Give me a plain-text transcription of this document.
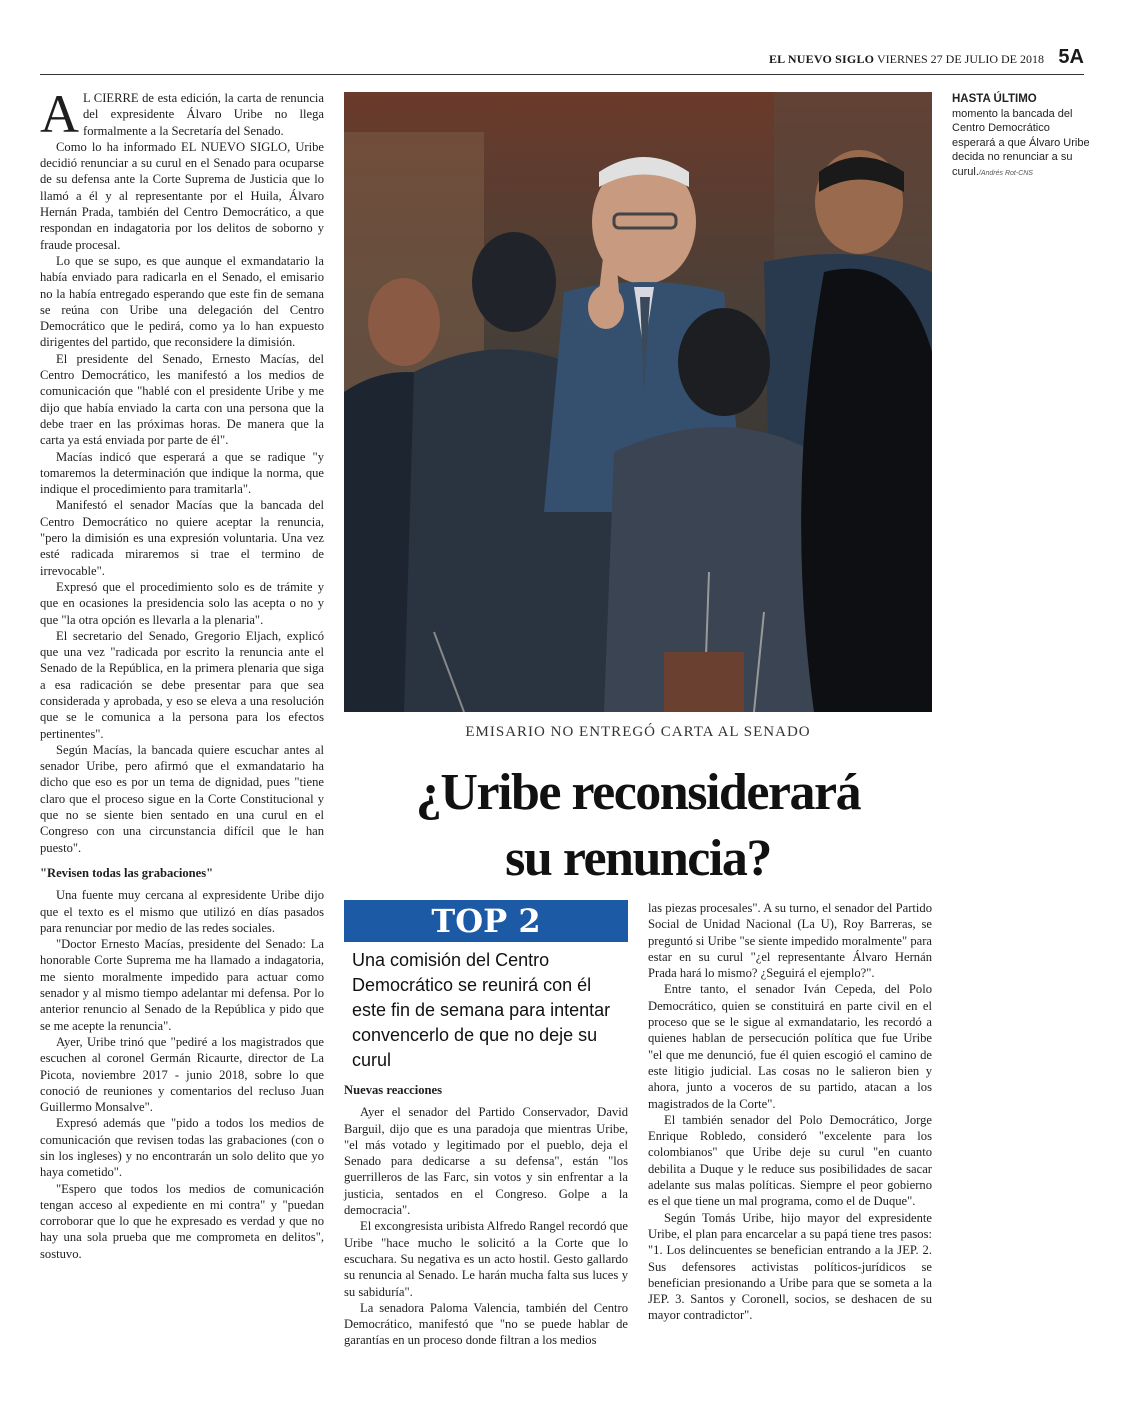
EL NUEVO SIGLO VIERNES 27 DE JULIO DE 2018 5A

A L CIERRE de esta edición, la carta de renuncia del expresidente Álvaro Uribe no llega formalmente a la Secretaría del Senado.

Como lo ha informado EL NUEVO SIGLO, Uribe decidió renunciar a su curul en el Senado para ocuparse de su defensa ante la Corte Suprema de Justicia que lo llamó a él y al representante por el Huila, Álvaro Hernán Prada, también del Centro Democrático, a que respondan en indagatoria por los delitos de soborno y fraude procesal.

Lo que se supo, es que aunque el exmandatario la había enviado para radicarla en el Senado, el emisario no la había entregado esperando que este fin de semana se reúna con Uribe una delegación del Centro Democrático que le pedirá, como ya lo han expuesto dirigentes del partido, que reconsidere la dimisión.

El presidente del Senado, Ernesto Macías, del Centro Democrático, les manifestó a los medios de comunicación que "hablé con el presidente Uribe y me dijo que había enviado la carta con una persona que la debe traer en las próximas horas. De manera que la carta ya está enviada por parte de él".

Macías indicó que esperará a que se radique "y tomaremos la determinación que indique la norma, que indique el procedimiento para tramitarla".

Manifestó el senador Macías que la bancada del Centro Democrático no quiere aceptar la renuncia, "pero la dimisión es una expresión voluntaria. Una vez esté radicada miraremos si trae el termino de irrevocable".

Expresó que el procedimiento solo es de trámite y que en ocasiones la presidencia solo las acepta o no y que "la otra opción es llevarla a la plenaria".

El secretario del Senado, Gregorio Eljach, explicó que una vez "radicada por escrito la renuncia ante el Senado de la República, en la primera plenaria que siga a esa radicación se debe presentar para que sea considerada y aprobada, y eso se eleva a una resolución que se le comunica a la persona para los efectos pertinentes".

Según Macías, la bancada quiere escuchar antes al senador Uribe, pero afirmó que el exmandatario ha dicho que eso es por un tema de dignidad, pues "tiene claro que el proceso sigue en la Corte Constitucional y que no se siente bien sentado en una curul en el Congreso con una circunstancia difícil que le han puesto".

"Revisen todas las grabaciones"

Una fuente muy cercana al expresidente Uribe dijo que el texto es el mismo que utilizó en días pasados para renunciar por medio de las redes sociales.

"Doctor Ernesto Macías, presidente del Senado: La honorable Corte Suprema me ha llamado a indagatoria, me siento moralmente impedido para actuar como senador y al mismo tiempo adelantar mi defensa. Por lo anterior renuncio al Senado de la República y pido que se me acepte la renuncia".

Ayer, Uribe trinó que "pediré a los magistrados que escuchen al coronel Germán Ricaurte, director de La Picota, noviembre 2017 - junio 2018, sobre lo que conoció de reuniones y comentarios del recluso Juan Guillermo Monsalve".

Expresó además que "pido a todos los medios de comunicación que revisen todas las grabaciones (con o sin los ingleses) y no encontrarán un solo delito que yo haya cometido".

"Espero que todos los medios de comunicación tengan acceso al expediente en mi contra" y "puedan corroborar que lo que he expresado es verdad y que no hay una sola prueba que me comprometa en delitos", sostuvo.

HASTA ÚLTIMO
momento la bancada del Centro Democrático esperará a que Álvaro Uribe decida no renunciar a su curul./Andrés Rot-CNS
EMISARIO NO ENTREGÓ CARTA AL SENADO
¿Uribe reconsiderará
su renuncia?
TOP 2
Una comisión del Centro Democrático se reunirá con él este fin de semana para intentar convencerlo de que no deje su curul
Nuevas reacciones

Ayer el senador del Partido Conservador, David Barguil, dijo que es una paradoja que mientras Uribe, "el más votado y legitimado por el pueblo, deja el Senado para dedicarse a su defensa", están "los guerrilleros de las Farc, sin votos y sin enfrentar a la justicia, sentados en el Congreso. Golpe a la democracia".

El excongresista uribista Alfredo Rangel recordó que Uribe "hace mucho le solicitó a la Corte que lo escuchara. Su negativa es un acto hostil. Gesto gallardo su renuncia al Senado. Le harán mucha falta sus luces y su sabiduría".

La senadora Paloma Valencia, también del Centro Democrático, manifestó que "no se puede hablar de garantías en un proceso donde filtran a los medios

las piezas procesales". A su turno, el senador del Partido Social de Unidad Nacional (La U), Roy Barreras, se preguntó si Uribe "se siente impedido moralmente" para estar en su curul "¿el representante Álvaro Hernán Prada hará lo mismo? ¿Seguirá el ejemplo?".

Entre tanto, el senador Iván Cepeda, del Polo Democrático, quien se constituirá en parte civil en el proceso que se le sigue al exmandatario, les recordó a quienes hablan de persecución política que fue Uribe "el que me denunció, fue él quien escogió el camino de este litigio judicial. Las cosas no le salieron bien y ahora, junto a voceros de su partido, atacan a los magistrados de la Corte".

El también senador del Polo Democrático, Jorge Enrique Robledo, consideró "excelente para los colombianos" que Uribe deje su curul "en cuanto debilita a Duque y le reduce sus posibilidades de sacar adelante sus malas políticas. Siempre el peor gobierno es el que tiene un mal programa, como el de Duque".

Según Tomás Uribe, hijo mayor del expresidente Uribe, el plan para encarcelar a su papá tiene tres pasos: "1. Los delincuentes se benefician entrando a la JEP. 2. Sus defensores activistas políticos-jurídicos se benefician presionando a Uribe para que se someta a la JEP. 3. Santos y Coronell, socios, se deshacen de su mayor contradictor".
